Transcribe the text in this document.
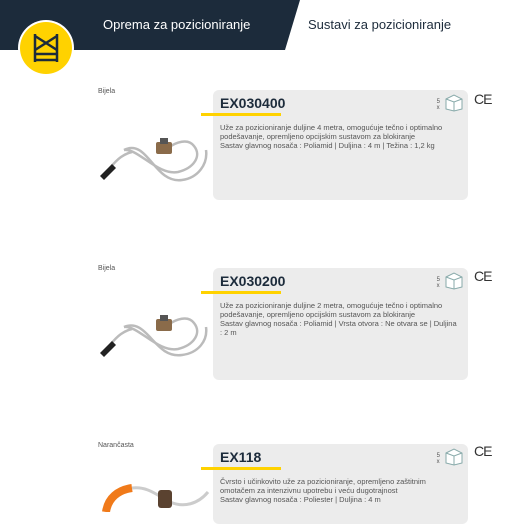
Oprema za pozicioniranje	Sustavi za pozicioniranje
Bijela
EX030400	5 x
Uže za pozicioniranje duljine 4 metra, omogućuje tečno i optimalno podešavanje, opremljeno opcijskim sustavom za blokiranje
Sastav glavnog nosača : Poliamid | Duljina : 4 m | Težina : 1,2 kg
CE
Bijela
EX030200	5 x
Uže za pozicioniranje duljine 2 metra, omogućuje tečno i optimalno podešavanje, opremljeno opcijskim sustavom za blokiranje
Sastav glavnog nosača : Poliamid | Vrsta otvora : Ne otvara se | Duljina : 2 m
CE
Narančasta
EX118	5 x
Čvrsto i učinkovito uže za pozicioniranje, opremljeno zaštitnim omotačem za intenzivnu upotrebu i veću dugotrajnost
Sastav glavnog nosača : Poliester | Duljina : 4 m
CE
